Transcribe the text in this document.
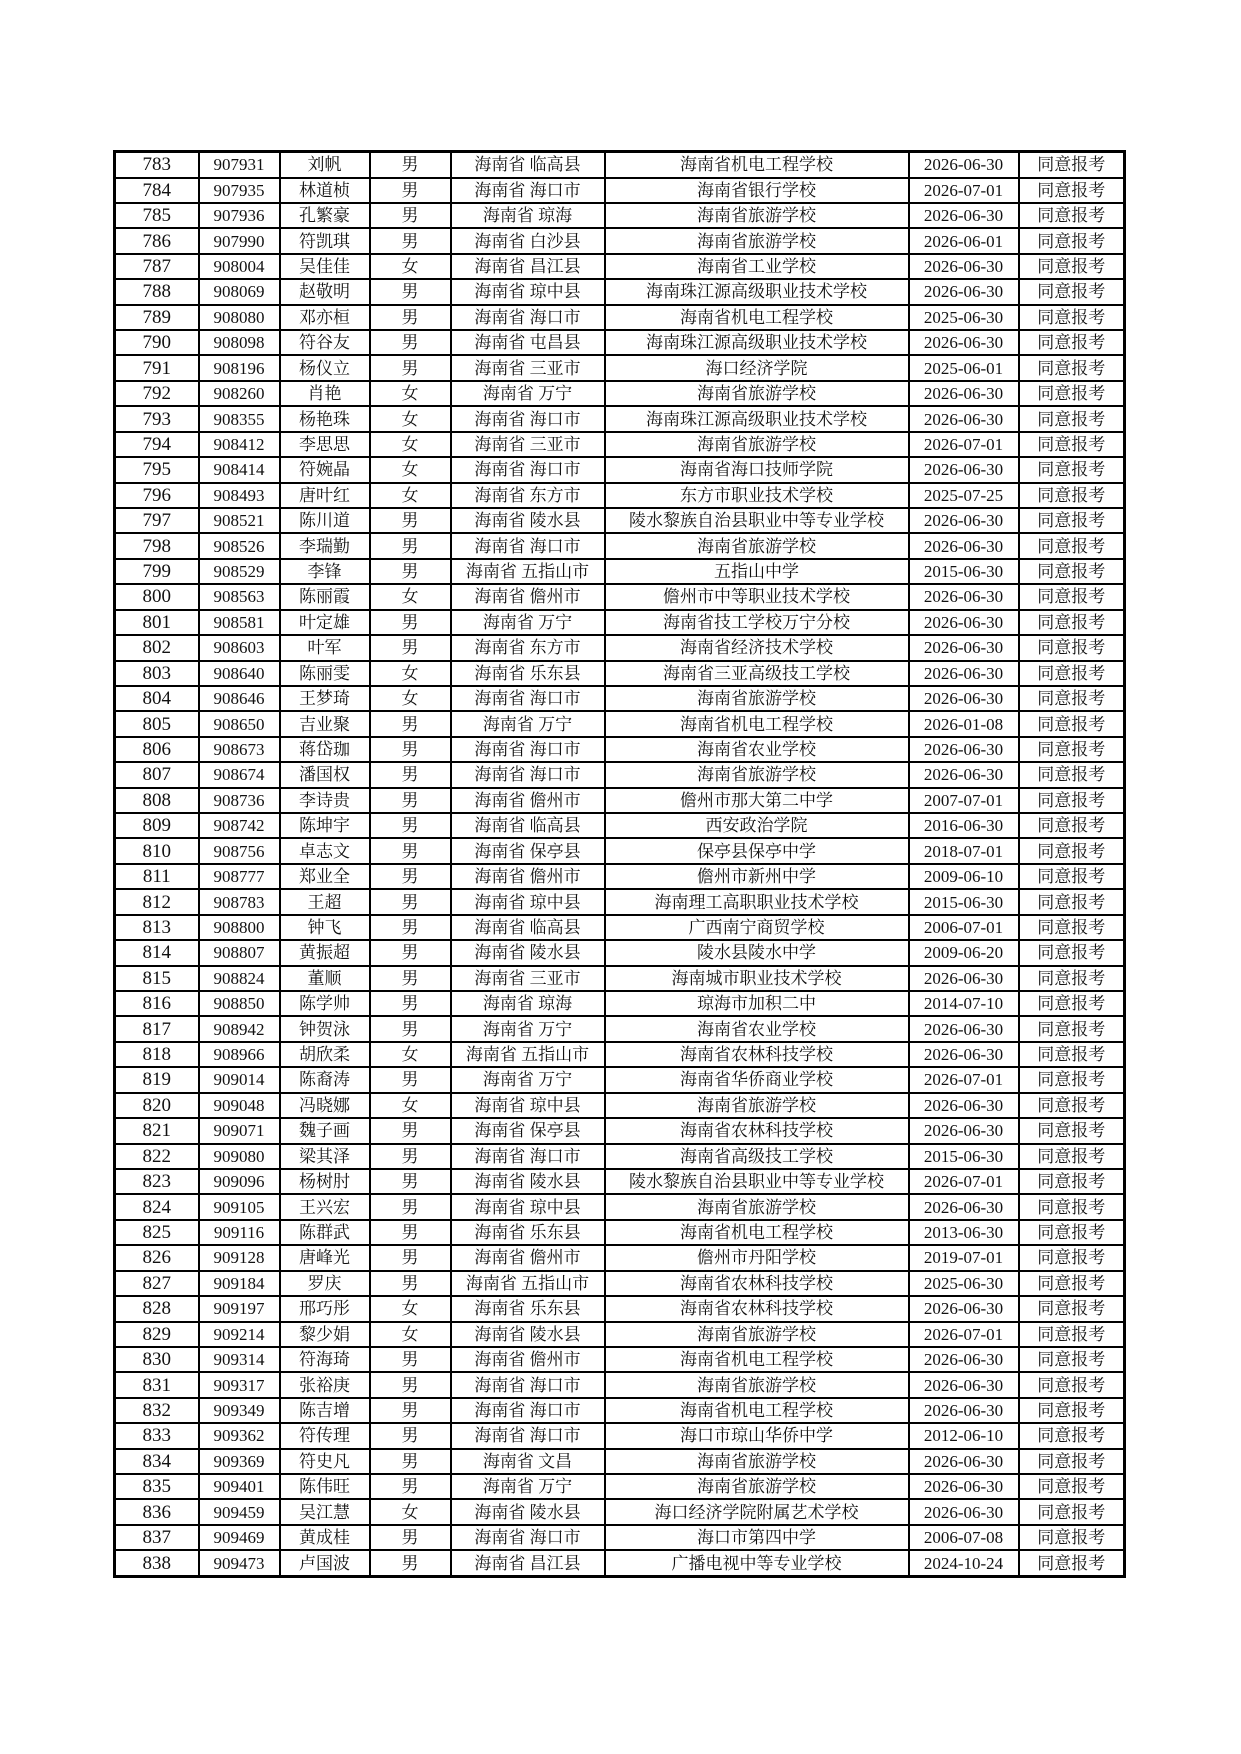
783	907931	刘帆	男	海南省 临高县	海南省机电工程学校	2026-06-30	同意报考
784	907935	林道桢	男	海南省 海口市	海南省银行学校	2026-07-01	同意报考
785	907936	孔繁豪	男	海南省 琼海	海南省旅游学校	2026-06-30	同意报考
786	907990	符凯琪	男	海南省 白沙县	海南省旅游学校	2026-06-01	同意报考
787	908004	吴佳佳	女	海南省 昌江县	海南省工业学校	2026-06-30	同意报考
788	908069	赵敬明	男	海南省 琼中县	海南珠江源高级职业技术学校	2026-06-30	同意报考
789	908080	邓亦桓	男	海南省 海口市	海南省机电工程学校	2025-06-30	同意报考
790	908098	符谷友	男	海南省 屯昌县	海南珠江源高级职业技术学校	2026-06-30	同意报考
791	908196	杨仪立	男	海南省 三亚市	海口经济学院	2025-06-01	同意报考
792	908260	肖艳	女	海南省 万宁	海南省旅游学校	2026-06-30	同意报考
793	908355	杨艳珠	女	海南省 海口市	海南珠江源高级职业技术学校	2026-06-30	同意报考
794	908412	李思思	女	海南省 三亚市	海南省旅游学校	2026-07-01	同意报考
795	908414	符婉晶	女	海南省 海口市	海南省海口技师学院	2026-06-30	同意报考
796	908493	唐叶红	女	海南省 东方市	东方市职业技术学校	2025-07-25	同意报考
797	908521	陈川道	男	海南省 陵水县	陵水黎族自治县职业中等专业学校	2026-06-30	同意报考
798	908526	李瑞勤	男	海南省 海口市	海南省旅游学校	2026-06-30	同意报考
799	908529	李锋	男	海南省 五指山市	五指山中学	2015-06-30	同意报考
800	908563	陈丽霞	女	海南省 儋州市	儋州市中等职业技术学校	2026-06-30	同意报考
801	908581	叶定雄	男	海南省 万宁	海南省技工学校万宁分校	2026-06-30	同意报考
802	908603	叶军	男	海南省 东方市	海南省经济技术学校	2026-06-30	同意报考
803	908640	陈丽雯	女	海南省 乐东县	海南省三亚高级技工学校	2026-06-30	同意报考
804	908646	王梦琦	女	海南省 海口市	海南省旅游学校	2026-06-30	同意报考
805	908650	吉业聚	男	海南省 万宁	海南省机电工程学校	2026-01-08	同意报考
806	908673	蒋岱珈	男	海南省 海口市	海南省农业学校	2026-06-30	同意报考
807	908674	潘国权	男	海南省 海口市	海南省旅游学校	2026-06-30	同意报考
808	908736	李诗贵	男	海南省 儋州市	儋州市那大第二中学	2007-07-01	同意报考
809	908742	陈坤宇	男	海南省 临高县	西安政治学院	2016-06-30	同意报考
810	908756	卓志文	男	海南省 保亭县	保亭县保亭中学	2018-07-01	同意报考
811	908777	郑业全	男	海南省 儋州市	儋州市新州中学	2009-06-10	同意报考
812	908783	王超	男	海南省 琼中县	海南理工高职职业技术学校	2015-06-30	同意报考
813	908800	钟飞	男	海南省 临高县	广西南宁商贸学校	2006-07-01	同意报考
814	908807	黄振超	男	海南省 陵水县	陵水县陵水中学	2009-06-20	同意报考
815	908824	董顺	男	海南省 三亚市	海南城市职业技术学校	2026-06-30	同意报考
816	908850	陈学帅	男	海南省 琼海	琼海市加积二中	2014-07-10	同意报考
817	908942	钟贺泳	男	海南省 万宁	海南省农业学校	2026-06-30	同意报考
818	908966	胡欣柔	女	海南省 五指山市	海南省农林科技学校	2026-06-30	同意报考
819	909014	陈裔涛	男	海南省 万宁	海南省华侨商业学校	2026-07-01	同意报考
820	909048	冯晓娜	女	海南省 琼中县	海南省旅游学校	2026-06-30	同意报考
821	909071	魏子画	男	海南省 保亭县	海南省农林科技学校	2026-06-30	同意报考
822	909080	梁其泽	男	海南省 海口市	海南省高级技工学校	2015-06-30	同意报考
823	909096	杨树肘	男	海南省 陵水县	陵水黎族自治县职业中等专业学校	2026-07-01	同意报考
824	909105	王兴宏	男	海南省 琼中县	海南省旅游学校	2026-06-30	同意报考
825	909116	陈群武	男	海南省 乐东县	海南省机电工程学校	2013-06-30	同意报考
826	909128	唐峰光	男	海南省 儋州市	儋州市丹阳学校	2019-07-01	同意报考
827	909184	罗庆	男	海南省 五指山市	海南省农林科技学校	2025-06-30	同意报考
828	909197	邢巧彤	女	海南省 乐东县	海南省农林科技学校	2026-06-30	同意报考
829	909214	黎少娟	女	海南省 陵水县	海南省旅游学校	2026-07-01	同意报考
830	909314	符海琦	男	海南省 儋州市	海南省机电工程学校	2026-06-30	同意报考
831	909317	张裕庚	男	海南省 海口市	海南省旅游学校	2026-06-30	同意报考
832	909349	陈吉增	男	海南省 海口市	海南省机电工程学校	2026-06-30	同意报考
833	909362	符传理	男	海南省 海口市	海口市琼山华侨中学	2012-06-10	同意报考
834	909369	符史凡	男	海南省 文昌	海南省旅游学校	2026-06-30	同意报考
835	909401	陈伟旺	男	海南省 万宁	海南省旅游学校	2026-06-30	同意报考
836	909459	吴江慧	女	海南省 陵水县	海口经济学院附属艺术学校	2026-06-30	同意报考
837	909469	黄成桂	男	海南省 海口市	海口市第四中学	2006-07-08	同意报考
838	909473	卢国波	男	海南省 昌江县	广播电视中等专业学校	2024-10-24	同意报考
